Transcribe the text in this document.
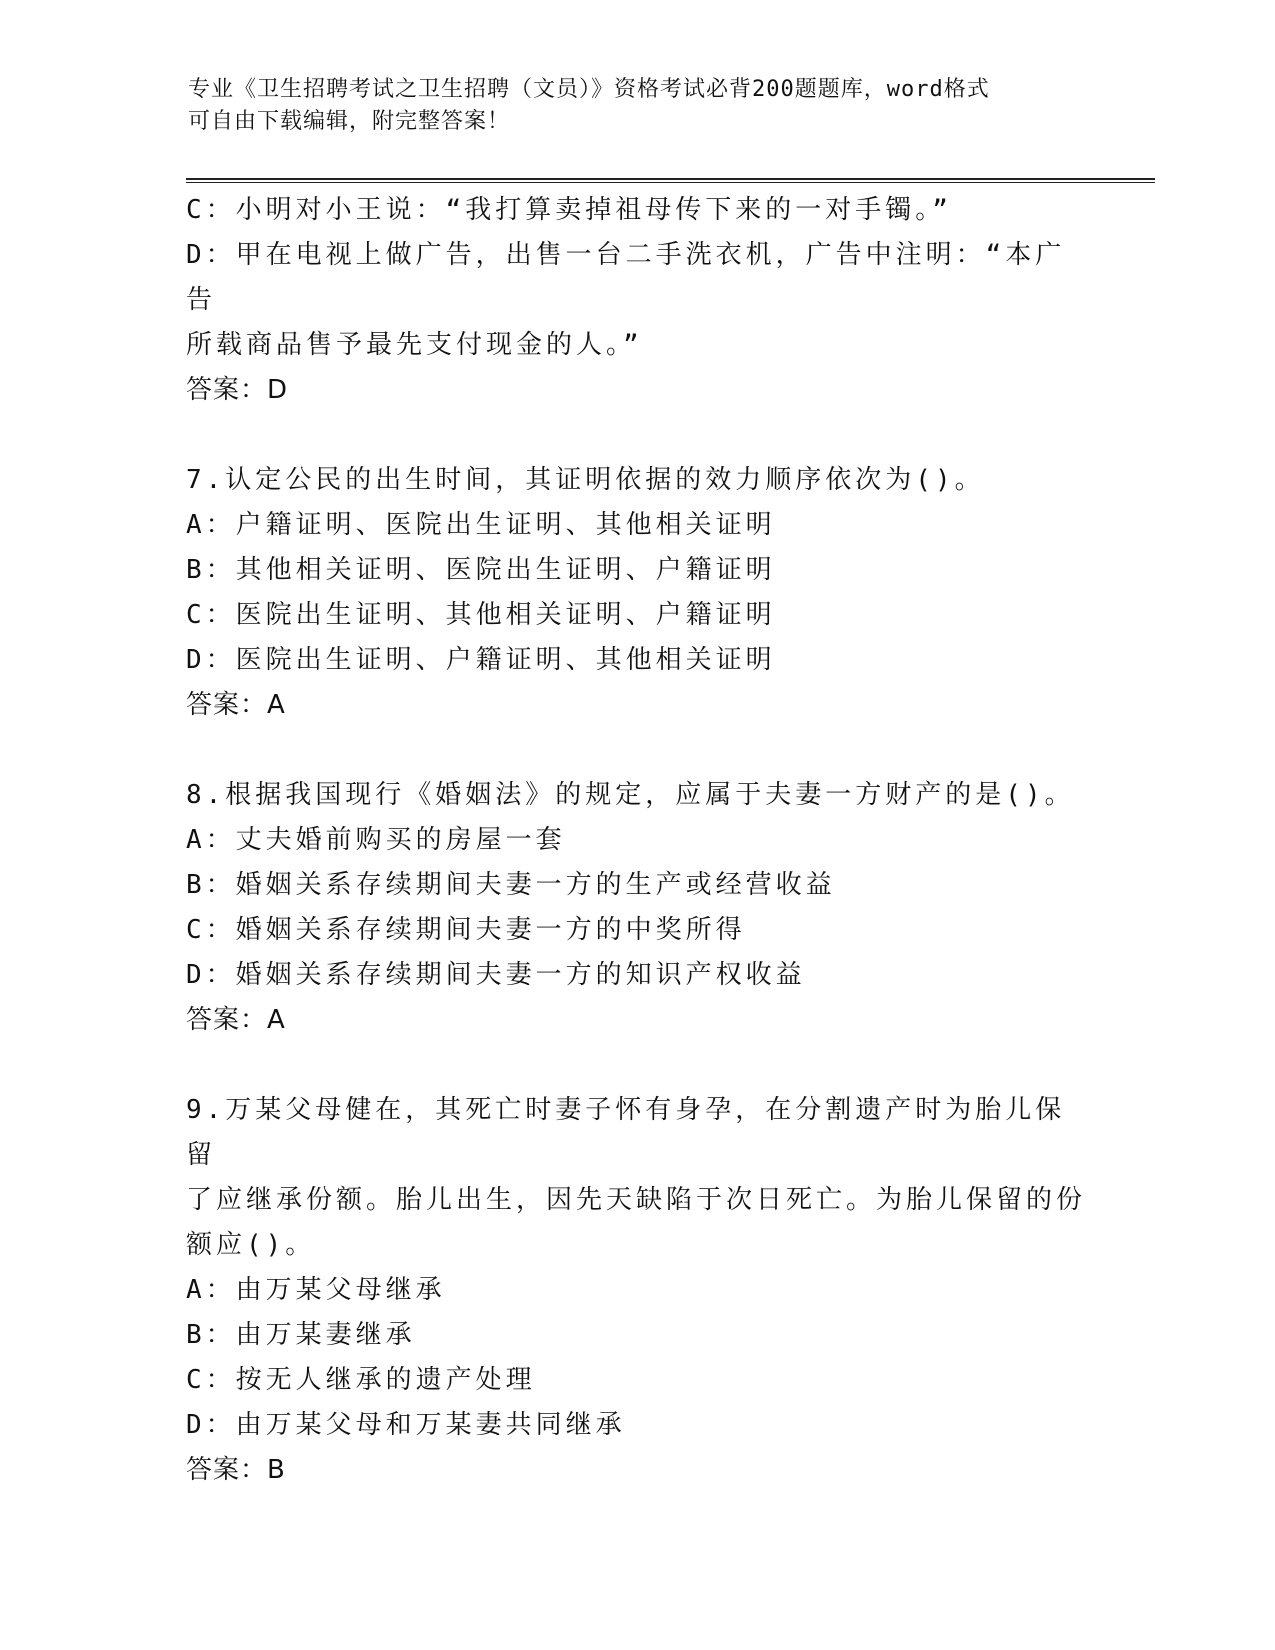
专业《卫生招聘考试之卫生招聘（文员）》资格考试必背200题题库，word格式
可自由下载编辑，附完整答案！
C：小明对小王说：“我打算卖掉祖母传下来的一对手镯。”
D：甲在电视上做广告，出售一台二手洗衣机，广告中注明：“本广告
所载商品售予最先支付现金的人。”
答案：D
7.认定公民的出生时间，其证明依据的效力顺序依次为()。
A：户籍证明、医院出生证明、其他相关证明
B：其他相关证明、医院出生证明、户籍证明
C：医院出生证明、其他相关证明、户籍证明
D：医院出生证明、户籍证明、其他相关证明
答案：A
8.根据我国现行《婚姻法》的规定，应属于夫妻一方财产的是()。
A：丈夫婚前购买的房屋一套
B：婚姻关系存续期间夫妻一方的生产或经营收益
C：婚姻关系存续期间夫妻一方的中奖所得
D：婚姻关系存续期间夫妻一方的知识产权收益
答案：A
9.万某父母健在，其死亡时妻子怀有身孕，在分割遗产时为胎儿保留
了应继承份额。胎儿出生，因先天缺陷于次日死亡。为胎儿保留的份
额应()。
A：由万某父母继承
B：由万某妻继承
C：按无人继承的遗产处理
D：由万某父母和万某妻共同继承
答案：B
